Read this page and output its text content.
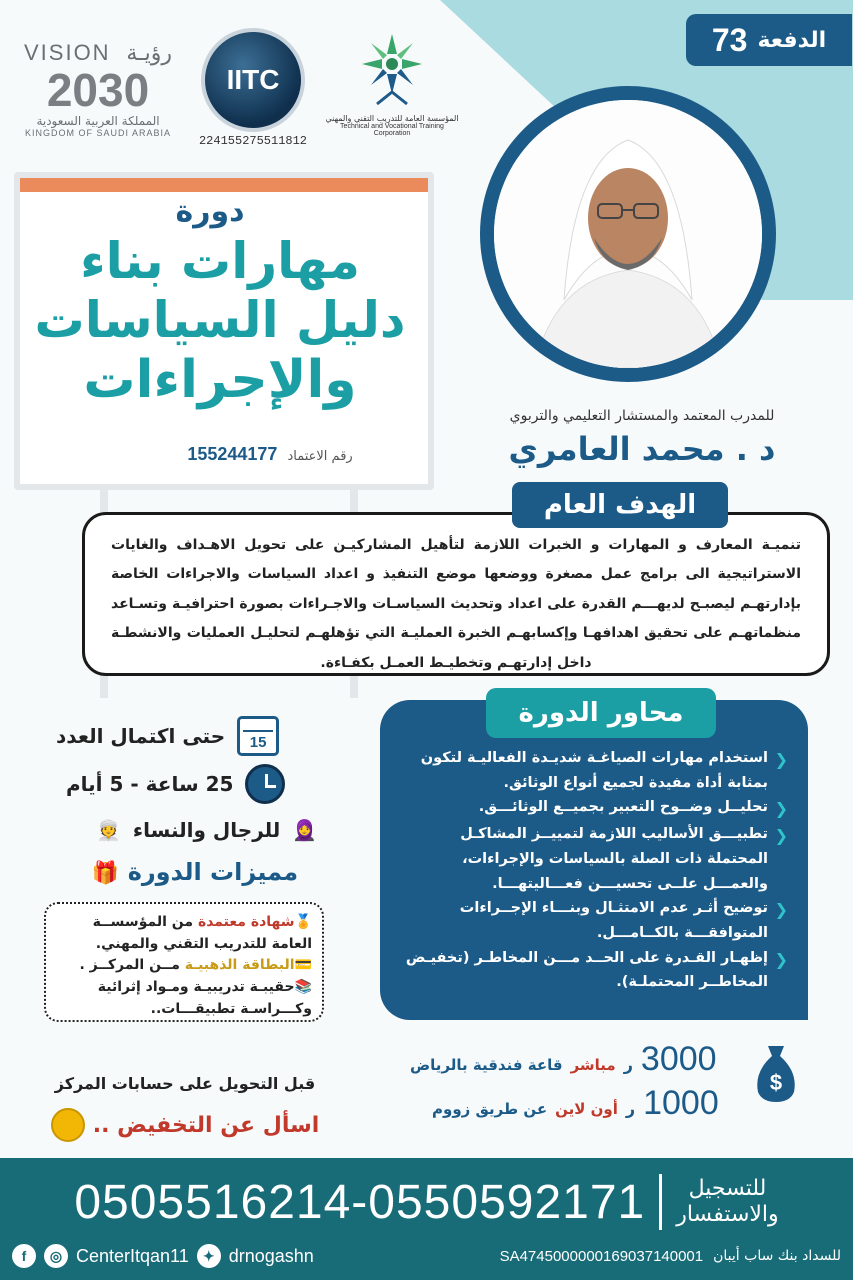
الدفعة
73
رؤيـة
VISION
2030
المملكة العربية السعودية
KINGDOM OF SAUDI ARABIA
IITC
224155275511812
المؤسسة العامة للتدريب التقني والمهني
Technical and Vocational Training Corporation
دورة
مهارات بناء
دليل السياسات
والإجراءات
رقم الاعتماد
155244177
للمدرب المعتمد والمستشار التعليمي والتربوي
د . محمد العامري
الهدف العام

تنميـة المعارف و المهارات و الخبرات اللازمة لتأهيل المشاركيـن على تحويل الاهـداف والغايات الاستراتيجية الى برامج عمل مصغرة ووضعها موضع التنفيذ و اعداد السياسات والاجراءات الخاصة بإدارتهـم ليصبـح لديهـــم القدرة على اعداد وتحديث السياسـات والاجـراءات بصورة احترافيـة وتسـاعد منظماتهـم على تحقيق اهدافهـا وإكسابهـم الخبرة العمليـة التي تؤهلهـم لتحليـل العمليات والانشطـة داخل إدارتهـم وتخطيـط العمـل بكفـاءة.

محاور الدورة
❮
استخدام مهارات الصياغـة شديـدة الفعاليـة لتكون بمثابة أداة مفيدة لجميع أنواع الوثائق.
❮
تحليــل وضــوح التعبير بجميــع الوثائـــق.
❮
تطبيـــق الأساليب اللازمة لتمييــز المشاكـل المحتملة ذات الصلة بالسياسات والإجراءات، والعمـــل علــى تحسيـــن فعـــاليتهـــا.
❮
توضيح أثـر عدم الامتثـال وبنـــاء الإجــراءات المتوافقـــة بالكــامـــل.
❮
إظهـار القـدرة على الحــد مـــن المخاطـر (تخفيـض المخاطــر المحتملـة).
15
حتى اكتمال العدد
25 ساعة - 5 أيام
🧕
للرجال والنساء
👳
مميزات الدورة 🎁
🏅شهادة معتمدة من المؤسســة العامة للتدريب التقني والمهني.
💳البطاقة الذهبيـة مــن المركــز .
📚حقيبـة تدريبيـة ومـواد إثرائية وكـــراسـة تطبيقـــات..
قبل التحويل على حسابات المركز
اسأل عن التخفيض ..
$
3000
ر
مباشر
قاعة فندقية بالرياض
1000
ر
أون لاين
عن طريق زووم
للتسجيل
والاستفسار
0505516214-0550592171
للسداد بنك ساب أيبان
SA4745000000169037140001
f	◎ CenterItqan11	✦ drnogashn
